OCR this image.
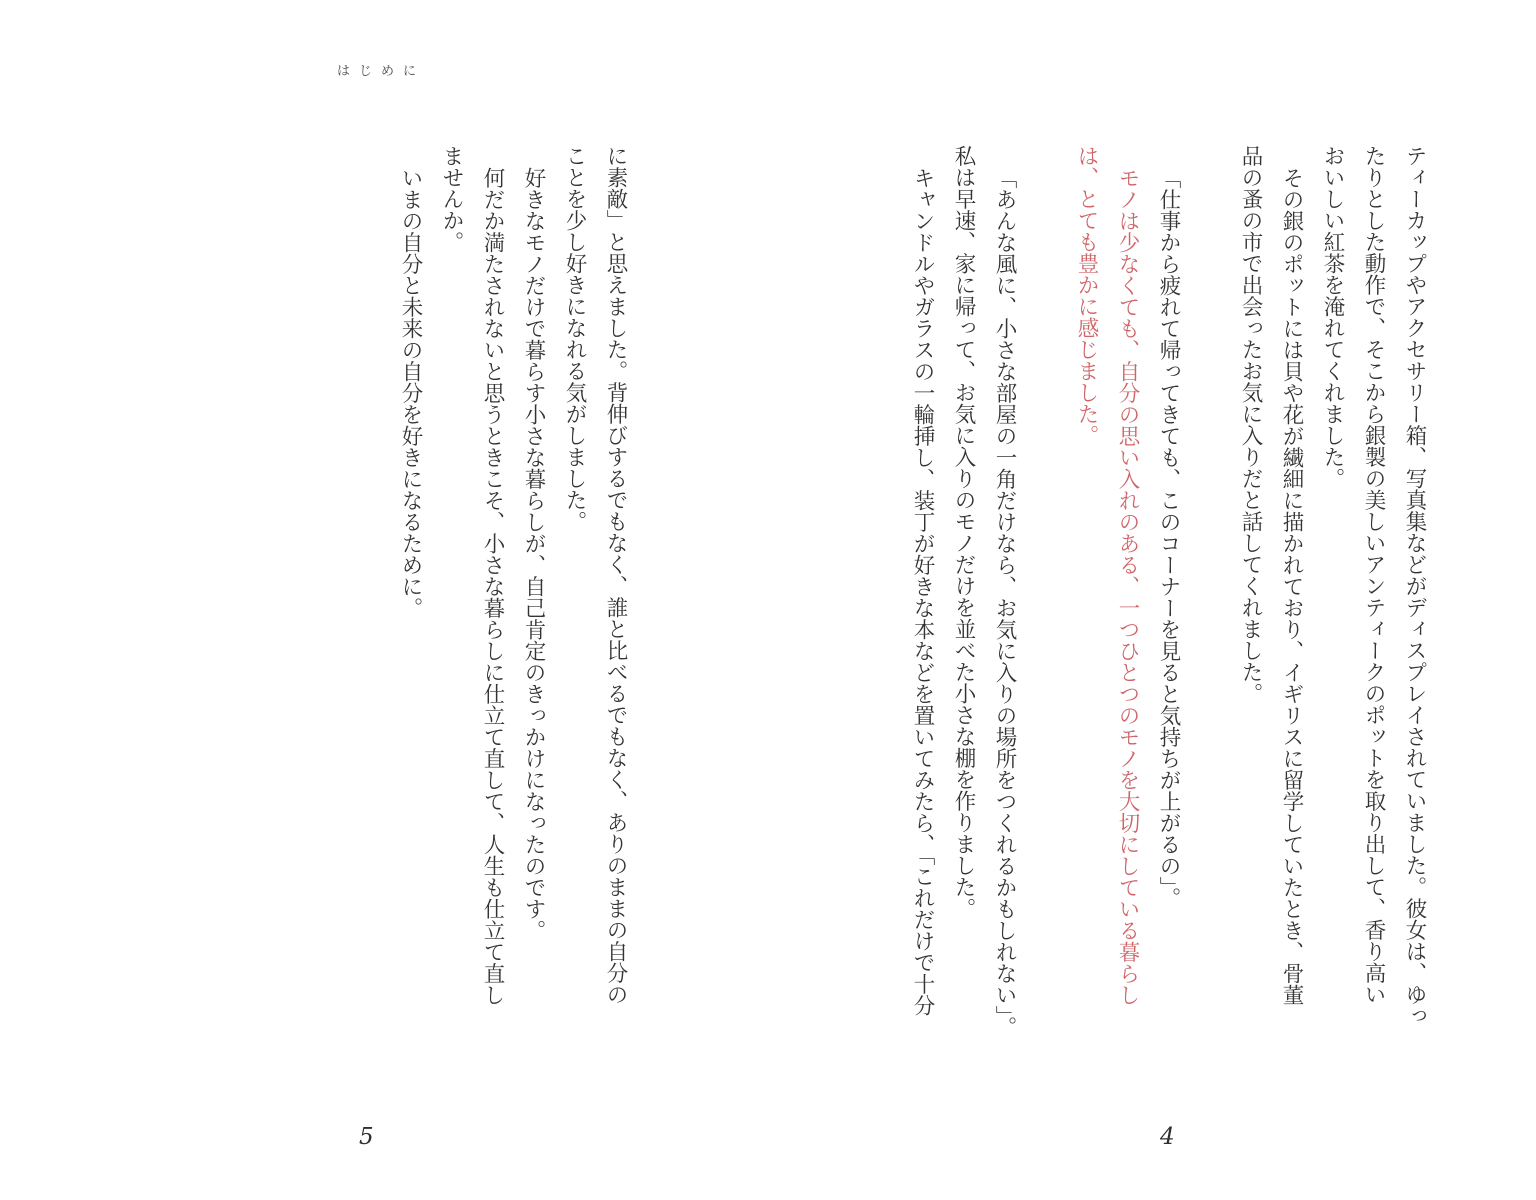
はじめに
ティーカップやアクセサリー箱、写真集などがディスプレイされていました。彼女は、ゆっ
たりとした動作で、そこから銀製の美しいアンティークのポットを取り出して、香り高い
おいしい紅茶を淹れてくれました。
その銀のポットには貝や花が繊細に描かれており、イギリスに留学していたとき、骨董
品の蚤の市で出会ったお気に入りだと話してくれました。
「仕事から疲れて帰ってきても、このコーナーを見ると気持ちが上がるの」。
モノは少なくても、自分の思い入れのある、一つひとつのモノを大切にしている暮らし
は、とても豊かに感じました。
「あんな風に、小さな部屋の一角だけなら、お気に入りの場所をつくれるかもしれない」。
私は早速、家に帰って、お気に入りのモノだけを並べた小さな棚を作りました。
キャンドルやガラスの一輪挿し、装丁が好きな本などを置いてみたら、「これだけで十分
に素敵」と思えました。背伸びするでもなく、誰と比べるでもなく、ありのままの自分の
ことを少し好きになれる気がしました。
好きなモノだけで暮らす小さな暮らしが、自己肯定のきっかけになったのです。
何だか満たされないと思うときこそ、小さな暮らしに仕立て直して、人生も仕立て直し
ませんか。
いまの自分と未来の自分を好きになるために。
4
5
